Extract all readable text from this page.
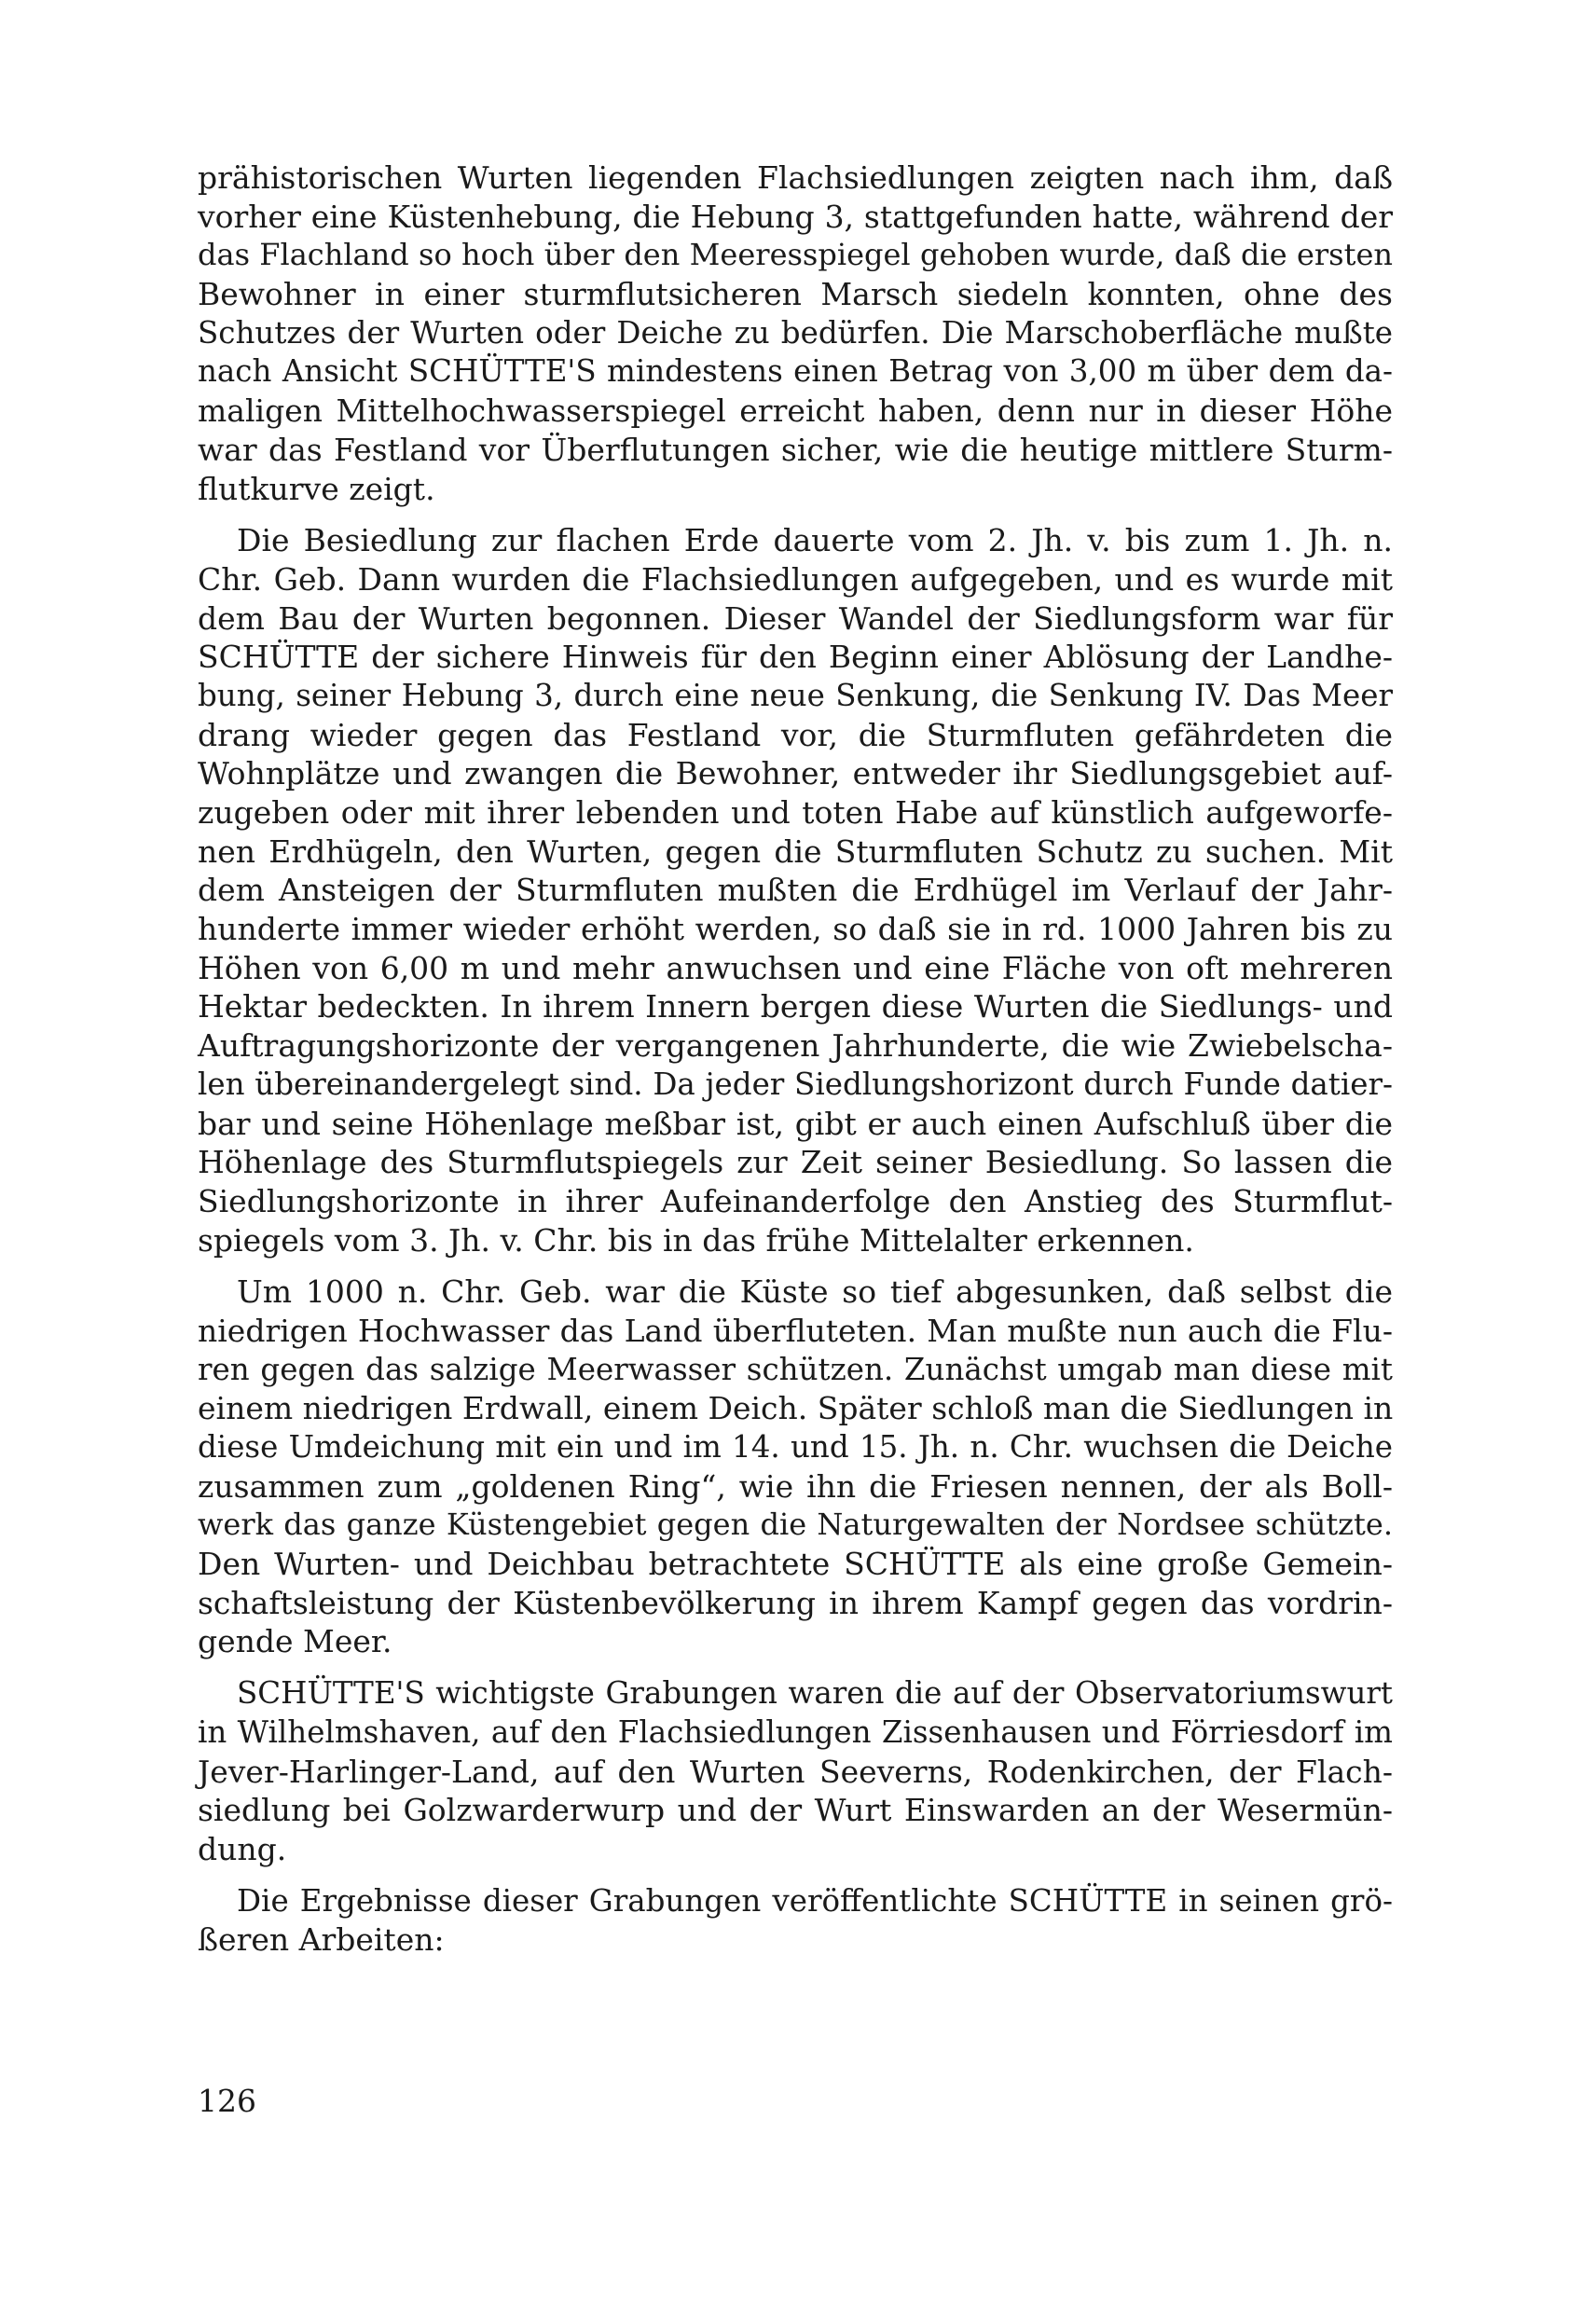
prähistorischen Wurten liegenden Flachsiedlungen zeigten nach ihm, daß
vorher eine Küstenhebung, die Hebung 3, stattgefunden hatte, während der
das Flachland so hoch über den Meeresspiegel gehoben wurde, daß die ersten
Bewohner in einer sturmflutsicheren Marsch siedeln konnten, ohne des
Schutzes der Wurten oder Deiche zu bedürfen. Die Marschoberfläche mußte
nach Ansicht SCHÜTTE'S mindestens einen Betrag von 3,00 m über dem da-
maligen Mittelhochwasserspiegel erreicht haben, denn nur in dieser Höhe
war das Festland vor Überflutungen sicher, wie die heutige mittlere Sturm-
flutkurve zeigt.
Die Besiedlung zur flachen Erde dauerte vom 2. Jh. v. bis zum 1. Jh. n.
Chr. Geb. Dann wurden die Flachsiedlungen aufgegeben, und es wurde mit
dem Bau der Wurten begonnen. Dieser Wandel der Siedlungsform war für
SCHÜTTE der sichere Hinweis für den Beginn einer Ablösung der Landhe-
bung, seiner Hebung 3, durch eine neue Senkung, die Senkung IV. Das Meer
drang wieder gegen das Festland vor, die Sturmfluten gefährdeten die
Wohnplätze und zwangen die Bewohner, entweder ihr Siedlungsgebiet auf-
zugeben oder mit ihrer lebenden und toten Habe auf künstlich aufgeworfe-
nen Erdhügeln, den Wurten, gegen die Sturmfluten Schutz zu suchen. Mit
dem Ansteigen der Sturmfluten mußten die Erdhügel im Verlauf der Jahr-
hunderte immer wieder erhöht werden, so daß sie in rd. 1000 Jahren bis zu
Höhen von 6,00 m und mehr anwuchsen und eine Fläche von oft mehreren
Hektar bedeckten. In ihrem Innern bergen diese Wurten die Siedlungs- und
Auftragungshorizonte der vergangenen Jahrhunderte, die wie Zwiebelscha-
len übereinandergelegt sind. Da jeder Siedlungshorizont durch Funde datier-
bar und seine Höhenlage meßbar ist, gibt er auch einen Aufschluß über die
Höhenlage des Sturmflutspiegels zur Zeit seiner Besiedlung. So lassen die
Siedlungshorizonte in ihrer Aufeinanderfolge den Anstieg des Sturmflut-
spiegels vom 3. Jh. v. Chr. bis in das frühe Mittelalter erkennen.
Um 1000 n. Chr. Geb. war die Küste so tief abgesunken, daß selbst die
niedrigen Hochwasser das Land überfluteten. Man mußte nun auch die Flu-
ren gegen das salzige Meerwasser schützen. Zunächst umgab man diese mit
einem niedrigen Erdwall, einem Deich. Später schloß man die Siedlungen in
diese Umdeichung mit ein und im 14. und 15. Jh. n. Chr. wuchsen die Deiche
zusammen zum „goldenen Ring“, wie ihn die Friesen nennen, der als Boll-
werk das ganze Küstengebiet gegen die Naturgewalten der Nordsee schützte.
Den Wurten- und Deichbau betrachtete SCHÜTTE als eine große Gemein-
schaftsleistung der Küstenbevölkerung in ihrem Kampf gegen das vordrin-
gende Meer.
SCHÜTTE'S wichtigste Grabungen waren die auf der Observatoriumswurt
in Wilhelmshaven, auf den Flachsiedlungen Zissenhausen und Förriesdorf im
Jever-Harlinger-Land, auf den Wurten Seeverns, Rodenkirchen, der Flach-
siedlung bei Golzwarderwurp und der Wurt Einswarden an der Wesermün-
dung.
Die Ergebnisse dieser Grabungen veröffentlichte SCHÜTTE in seinen grö-
ßeren Arbeiten:
126
